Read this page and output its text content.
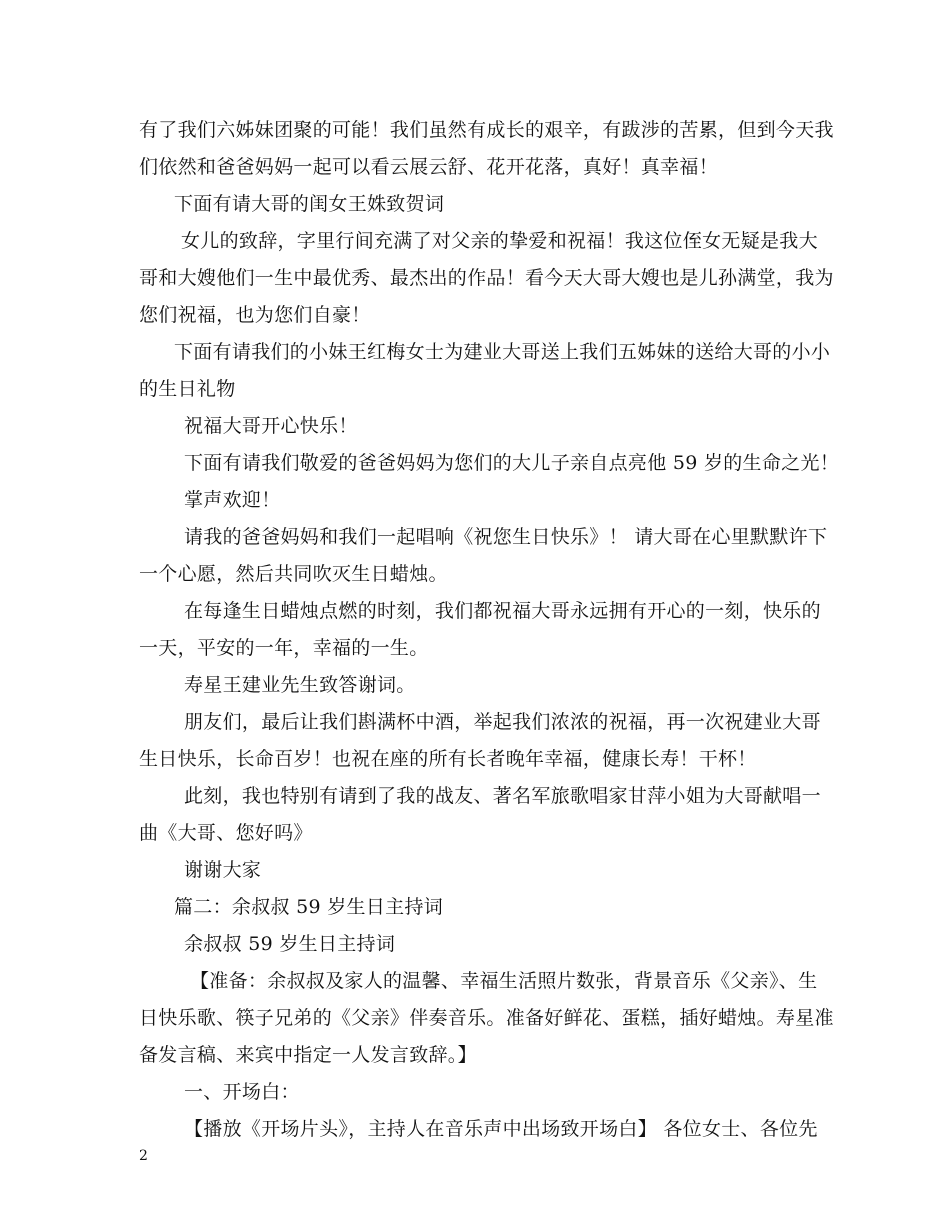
有了我们六姊妹团聚的可能！我们虽然有成长的艰辛，有跋涉的苦累，但到今天我
们依然和爸爸妈妈一起可以看云展云舒、花开花落，真好！真幸福！
下面有请大哥的闺女王姝致贺词
女儿的致辞，字里行间充满了对父亲的挚爱和祝福！我这位侄女无疑是我大
哥和大嫂他们一生中最优秀、最杰出的作品！看今天大哥大嫂也是儿孙满堂，我为
您们祝福，也为您们自豪！
下面有请我们的小妹王红梅女士为建业大哥送上我们五姊妹的送给大哥的小小
的生日礼物
祝福大哥开心快乐！
下面有请我们敬爱的爸爸妈妈为您们的大儿子亲自点亮他 59 岁的生命之光！
掌声欢迎！
请我的爸爸妈妈和我们一起唱响《祝您生日快乐》！ 请大哥在心里默默许下
一个心愿，然后共同吹灭生日蜡烛。
在每逢生日蜡烛点燃的时刻，我们都祝福大哥永远拥有开心的一刻，快乐的
一天，平安的一年，幸福的一生。
寿星王建业先生致答谢词。
朋友们，最后让我们斟满杯中酒，举起我们浓浓的祝福，再一次祝建业大哥
生日快乐，长命百岁！也祝在座的所有长者晚年幸福，健康长寿！干杯！
此刻，我也特别有请到了我的战友、著名军旅歌唱家甘萍小姐为大哥献唱一
曲《大哥、您好吗》
谢谢大家
篇二：余叔叔 59 岁生日主持词
余叔叔 59 岁生日主持词
【准备：余叔叔及家人的温馨、幸福生活照片数张，背景音乐《父亲》、生
日快乐歌、筷子兄弟的《父亲》伴奏音乐。准备好鲜花、蛋糕，插好蜡烛。寿星准
备发言稿、来宾中指定一人发言致辞。】
一、开场白：
【播放《开场片头》，主持人在音乐声中出场致开场白】 各位女士、各位先
2
